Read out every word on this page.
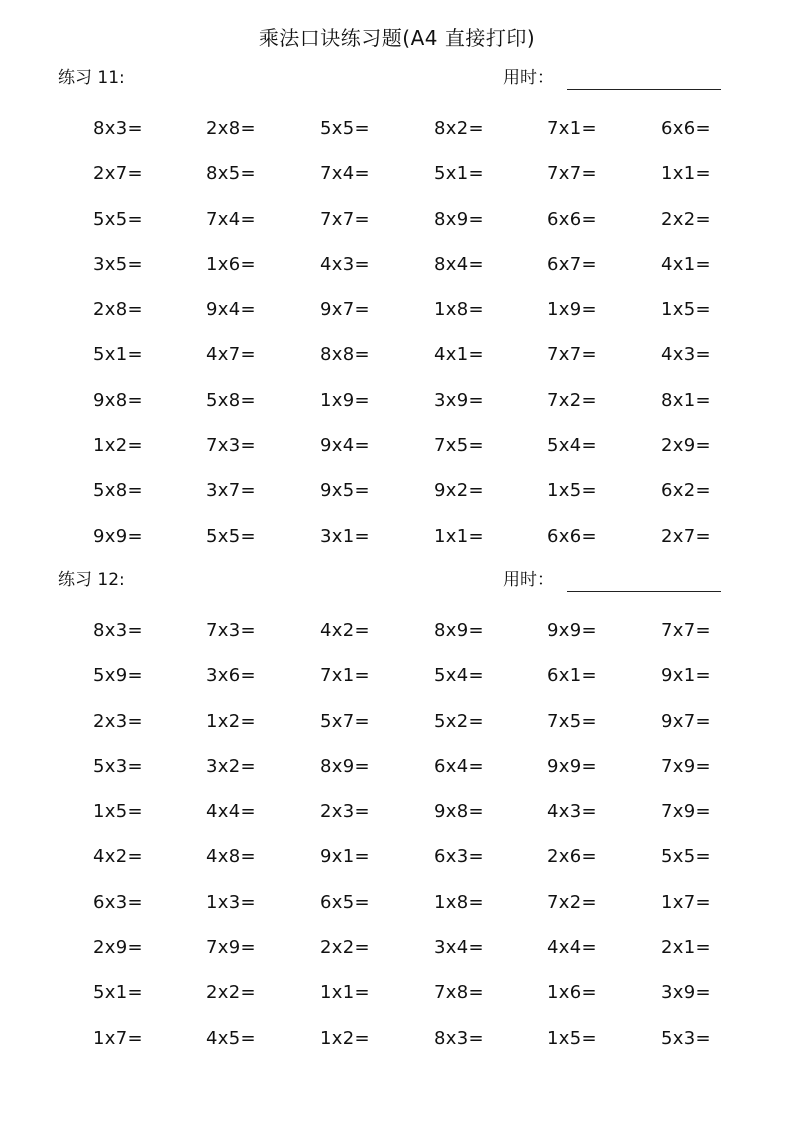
乘法口诀练习题(A4 直接打印)
练习 11:	用时：
8x3=	2x8=	5x5=	8x2=	7x1=	6x6=
2x7=	8x5=	7x4=	5x1=	7x7=	1x1=
5x5=	7x4=	7x7=	8x9=	6x6=	2x2=
3x5=	1x6=	4x3=	8x4=	6x7=	4x1=
2x8=	9x4=	9x7=	1x8=	1x9=	1x5=
5x1=	4x7=	8x8=	4x1=	7x7=	4x3=
9x8=	5x8=	1x9=	3x9=	7x2=	8x1=
1x2=	7x3=	9x4=	7x5=	5x4=	2x9=
5x8=	3x7=	9x5=	9x2=	1x5=	6x2=
9x9=	5x5=	3x1=	1x1=	6x6=	2x7=
练习 12:	用时：
8x3=	7x3=	4x2=	8x9=	9x9=	7x7=
5x9=	3x6=	7x1=	5x4=	6x1=	9x1=
2x3=	1x2=	5x7=	5x2=	7x5=	9x7=
5x3=	3x2=	8x9=	6x4=	9x9=	7x9=
1x5=	4x4=	2x3=	9x8=	4x3=	7x9=
4x2=	4x8=	9x1=	6x3=	2x6=	5x5=
6x3=	1x3=	6x5=	1x8=	7x2=	1x7=
2x9=	7x9=	2x2=	3x4=	4x4=	2x1=
5x1=	2x2=	1x1=	7x8=	1x6=	3x9=
1x7=	4x5=	1x2=	8x3=	1x5=	5x3=
